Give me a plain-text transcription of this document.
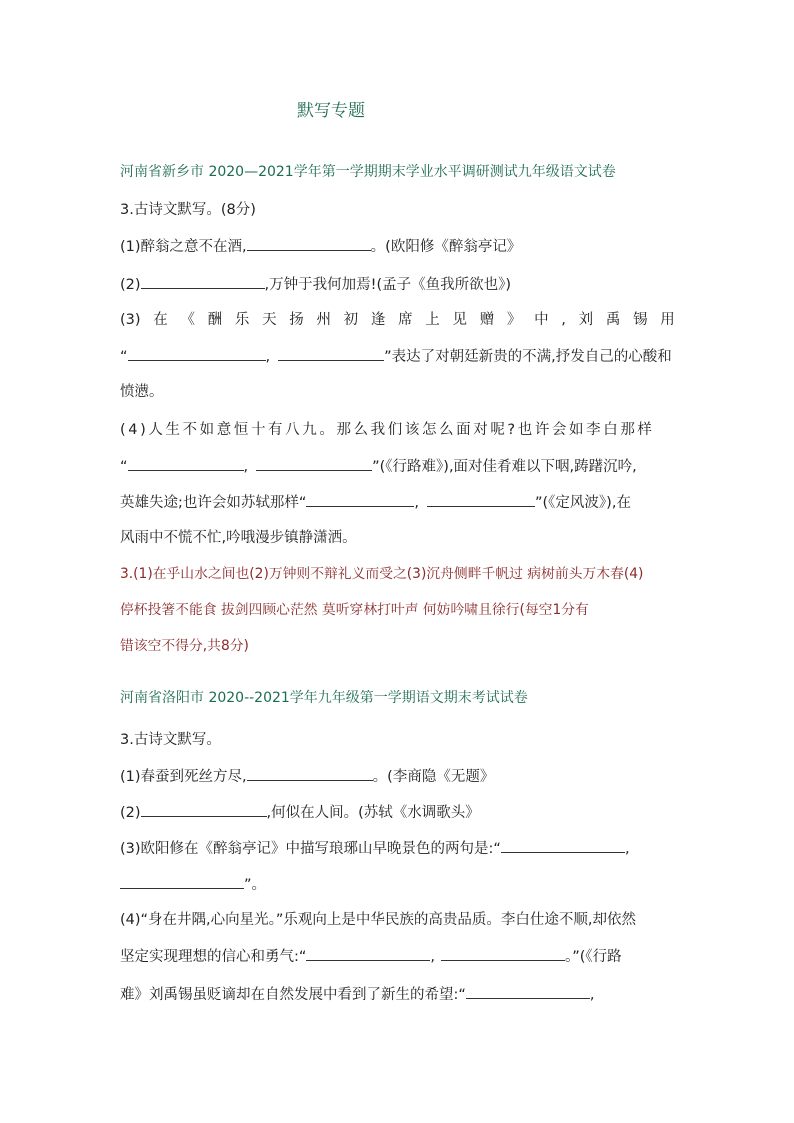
默写专题
河南省新乡市 2020—2021学年第一学期期末学业水平调研测试九年级语文试卷
3.古诗文默写。(8分)
(1)醉翁之意不在酒,	。(欧阳修《醉翁亭记》
(2)	,万钟于我何加焉!(孟子《鱼我所欲也》)
(3) 在 《 酬 乐 天 扬 州 初 逢 席 上 见 赠 》 中 , 刘 禹 锡 用
“	,	”表达了对朝廷新贵的不满,抒发自己的心酸和
愤懑。
(4)人生不如意恒十有八九。那么我们该怎么面对呢?也许会如李白那样
“	,	”(《行路难》),面对佳肴难以下咽,踌躇沉吟,
英雄失途;也许会如苏轼那样“	,	”(《定风波》),在
风雨中不慌不忙,吟哦漫步镇静潇洒。
3.(1)在乎山水之间也(2)万钟则不辩礼义而受之(3)沉舟侧畔千帆过 病树前头万木春(4)
停杯投箸不能食 拔剑四顾心茫然 莫听穿林打叶声 何妨吟啸且徐行(每空1分有
错该空不得分,共8分)
河南省洛阳市 2020--2021学年九年级第一学期语文期末考试试卷
3.古诗文默写。
(1)春蚕到死丝方尽,	。(李商隐《无题》
(2)	,何似在人间。(苏轼《水调歌头》
(3)欧阳修在《醉翁亭记》中描写琅琊山早晚景色的两句是:“	,
”。
(4)“身在井隅,心向星光。”乐观向上是中华民族的高贵品质。李白仕途不顺,却依然
坚定实现理想的信心和勇气:“	,	。”(《行路
难》刘禹锡虽贬谪却在自然发展中看到了新生的希望:“	,
